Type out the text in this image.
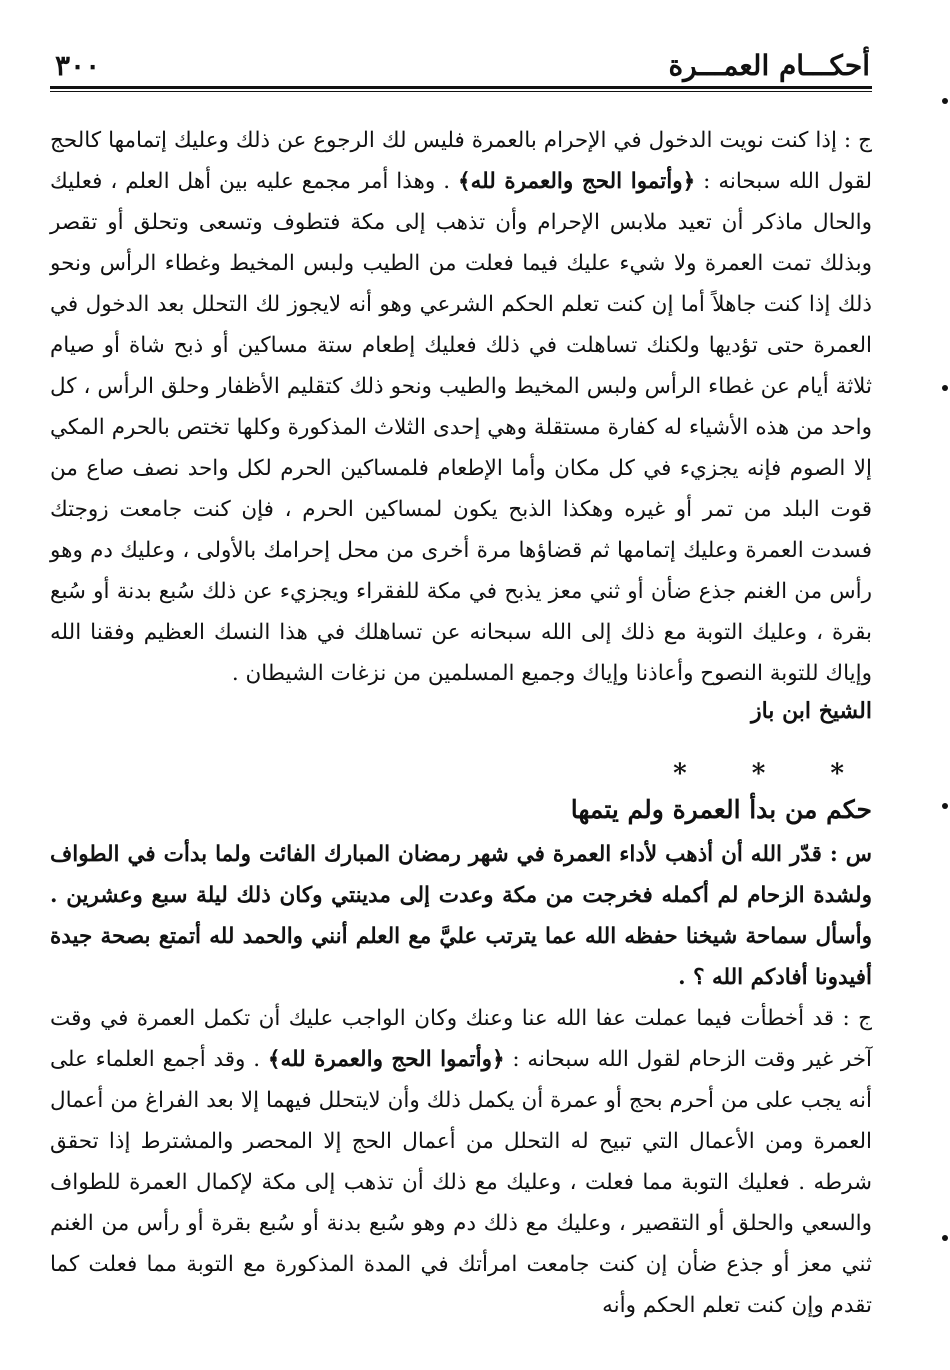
٣٠٠	أحكـــام العمـــرة

ج : إذا كنت نويت الدخول في الإحرام بالعمرة فليس لك الرجوع عن ذلك وعليك إتمامها كالحج لقول الله سبحانه : ﴿وأتموا الحج والعمرة لله﴾ . وهذا أمر مجمع عليه بين أهل العلم ، فعليك والحال ماذكر أن تعيد ملابس الإحرام وأن تذهب إلى مكة فتطوف وتسعى وتحلق أو تقصر وبذلك تمت العمرة ولا شيء عليك فيما فعلت من الطيب ولبس المخيط وغطاء الرأس ونحو ذلك إذا كنت جاهلاً أما إن كنت تعلم الحكم الشرعي وهو أنه لايجوز لك التحلل بعد الدخول في العمرة حتى تؤديها ولكنك تساهلت في ذلك فعليك إطعام ستة مساكين أو ذبح شاة أو صيام ثلاثة أيام عن غطاء الرأس ولبس المخيط والطيب ونحو ذلك كتقليم الأظفار وحلق الرأس ، كل واحد من هذه الأشياء له كفارة مستقلة وهي إحدى الثلاث المذكورة وكلها تختص بالحرم المكي إلا الصوم فإنه يجزيء في كل مكان وأما الإطعام فلمساكين الحرم لكل واحد نصف صاع من قوت البلد من تمر أو غيره وهكذا الذبح يكون لمساكين الحرم ، فإن كنت جامعت زوجتك فسدت العمرة وعليك إتمامها ثم قضاؤها مرة أخرى من محل إحرامك بالأولى ، وعليك دم وهو رأس من الغنم جذع ضأن أو ثني معز يذبح في مكة للفقراء ويجزيء عن ذلك سُبع بدنة أو سُبع بقرة ، وعليك التوبة مع ذلك إلى الله سبحانه عن تساهلك في هذا النسك العظيم وفقنا الله وإياك للتوبة النصوح وأعاذنا وإياك وجميع المسلمين من نزغات الشيطان .

الشيخ ابن باز
* * *
حكم من بدأ العمرة ولم يتمها

س : قدّر الله أن أذهب لأداء العمرة في شهر رمضان المبارك الفائت ولما بدأت في الطواف ولشدة الزحام لم أكمله فخرجت من مكة وعدت إلى مدينتي وكان ذلك ليلة سبع وعشرين . وأسأل سماحة شيخنا حفظه الله عما يترتب عليَّ مع العلم أنني والحمد لله أتمتع بصحة جيدة أفيدونا أفادكم الله ؟ .

ج : قد أخطأت فيما عملت عفا الله عنا وعنك وكان الواجب عليك أن تكمل العمرة في وقت آخر غير وقت الزحام لقول الله سبحانه : ﴿وأتموا الحج والعمرة لله﴾ . وقد أجمع العلماء على أنه يجب على من أحرم بحج أو عمرة أن يكمل ذلك وأن لايتحلل فيهما إلا بعد الفراغ من أعمال العمرة ومن الأعمال التي تبيح له التحلل من أعمال الحج إلا المحصر والمشترط إذا تحقق شرطه . فعليك التوبة مما فعلت ، وعليك مع ذلك أن تذهب إلى مكة لإكمال العمرة للطواف والسعي والحلق أو التقصير ، وعليك مع ذلك دم وهو سُبع بدنة أو سُبع بقرة أو رأس من الغنم ثني معز أو جذع ضأن إن كنت جامعت امرأتك في المدة المذكورة مع التوبة مما فعلت كما تقدم وإن كنت تعلم الحكم وأنه
